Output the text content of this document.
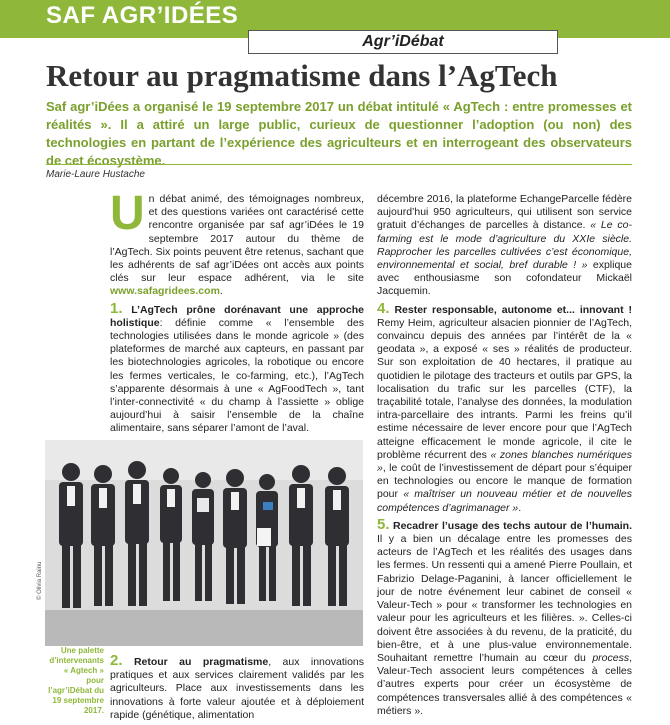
SAF AGR’IDÉES
Agr’iDébat
Retour au pragmatisme dans l’AgTech

Saf agr’iDées a organisé le 19 septembre 2017 un débat intitulé « AgTech : entre promesses et réalités ». Il a attiré un large public, curieux de questionner l’adoption (ou non) des technologies en partant de l’expérience des agriculteurs et en interrogeant des observateurs de cet écosystème.

Marie-Laure Hustache

Un débat animé, des témoignages nombreux, et des questions variées ont caractérisé cette rencontre organisée par saf agr’iDées le 19 septembre 2017 autour du thème de l’AgTech. Six points peuvent être retenus, sachant que les adhérents de saf agr’iDées ont accès aux points clés sur leur espace adhérent, via le site www.safagridees.com.

1. L’AgTech prône dorénavant une approche holistique: définie comme « l’ensemble des technologies utilisées dans le monde agricole » (des plateformes de marché aux capteurs, en passant par les biotechnologies agricoles, la robotique ou encore les fermes verticales, le co-farming, etc.), l’AgTech s’apparente désormais à une « AgFoodTech », tant l’inter-connectivité « du champ à l’assiette » oblige aujourd’hui à saisir l’ensemble de la chaîne alimentaire, sans séparer l’amont de l’aval.

© Olivia Rainu
Une palette d’intervenants « Agtech » pour l’agr’iDébat du 19 septembre 2017.

2. Retour au pragmatisme, aux innovations pratiques et aux services clairement validés par les agriculteurs. Place aux investissements dans les innovations à forte valeur ajoutée et à déploiement rapide (génétique, alimentation

décembre 2016, la plateforme EchangeParcelle fédère aujourd’hui 950 agriculteurs, qui utilisent son service gratuit d’échanges de parcelles à distance. « Le co-farming est le mode d’agriculture du XXIe siècle. Rapprocher les parcelles cultivées c’est économique, environnemental et social, bref durable ! » explique avec enthousiasme son cofondateur Mickaël Jacquemin.

4. Rester responsable, autonome et... innovant ! Remy Heim, agriculteur alsacien pionnier de l’AgTech, convaincu depuis des années par l’intérêt de la « geodata », a exposé « ses » réalités de producteur. Sur son exploitation de 40 hectares, il pratique au quotidien le pilotage des tracteurs et outils par GPS, la localisation du trafic sur les parcelles (CTF), la traçabilité totale, l’analyse des données, la modulation intra-parcellaire des intrants. Parmi les freins qu’il estime nécessaire de lever encore pour que l’AgTech atteigne efficacement le monde agricole, il cite le problème récurrent des « zones blanches numériques », le coût de l’investissement de départ pour s’équiper en technologies ou encore le manque de formation pour « maîtriser un nouveau métier et de nouvelles compétences d’agrimanager ».

5. Recadrer l’usage des techs autour de l’humain. Il y a bien un décalage entre les promesses des acteurs de l’AgTech et les réalités des usages dans les fermes. Un ressenti qui a amené Pierre Poullain, et Fabrizio Delage-Paganini, à lancer officiellement le jour de notre événement leur cabinet de conseil « Valeur-Tech » pour « transformer les technologies en valeur pour les agriculteurs et les filières. ». Celles-ci doivent être associées à du revenu, de la praticité, du bien-être, et à une plus-value environnementale. Souhaitant remettre l’humain au cœur du process, Valeur-Tech associent leurs compétences à celles d’autres experts pour créer un écosystème de compétences transversales allié à des compétences « métiers ».
